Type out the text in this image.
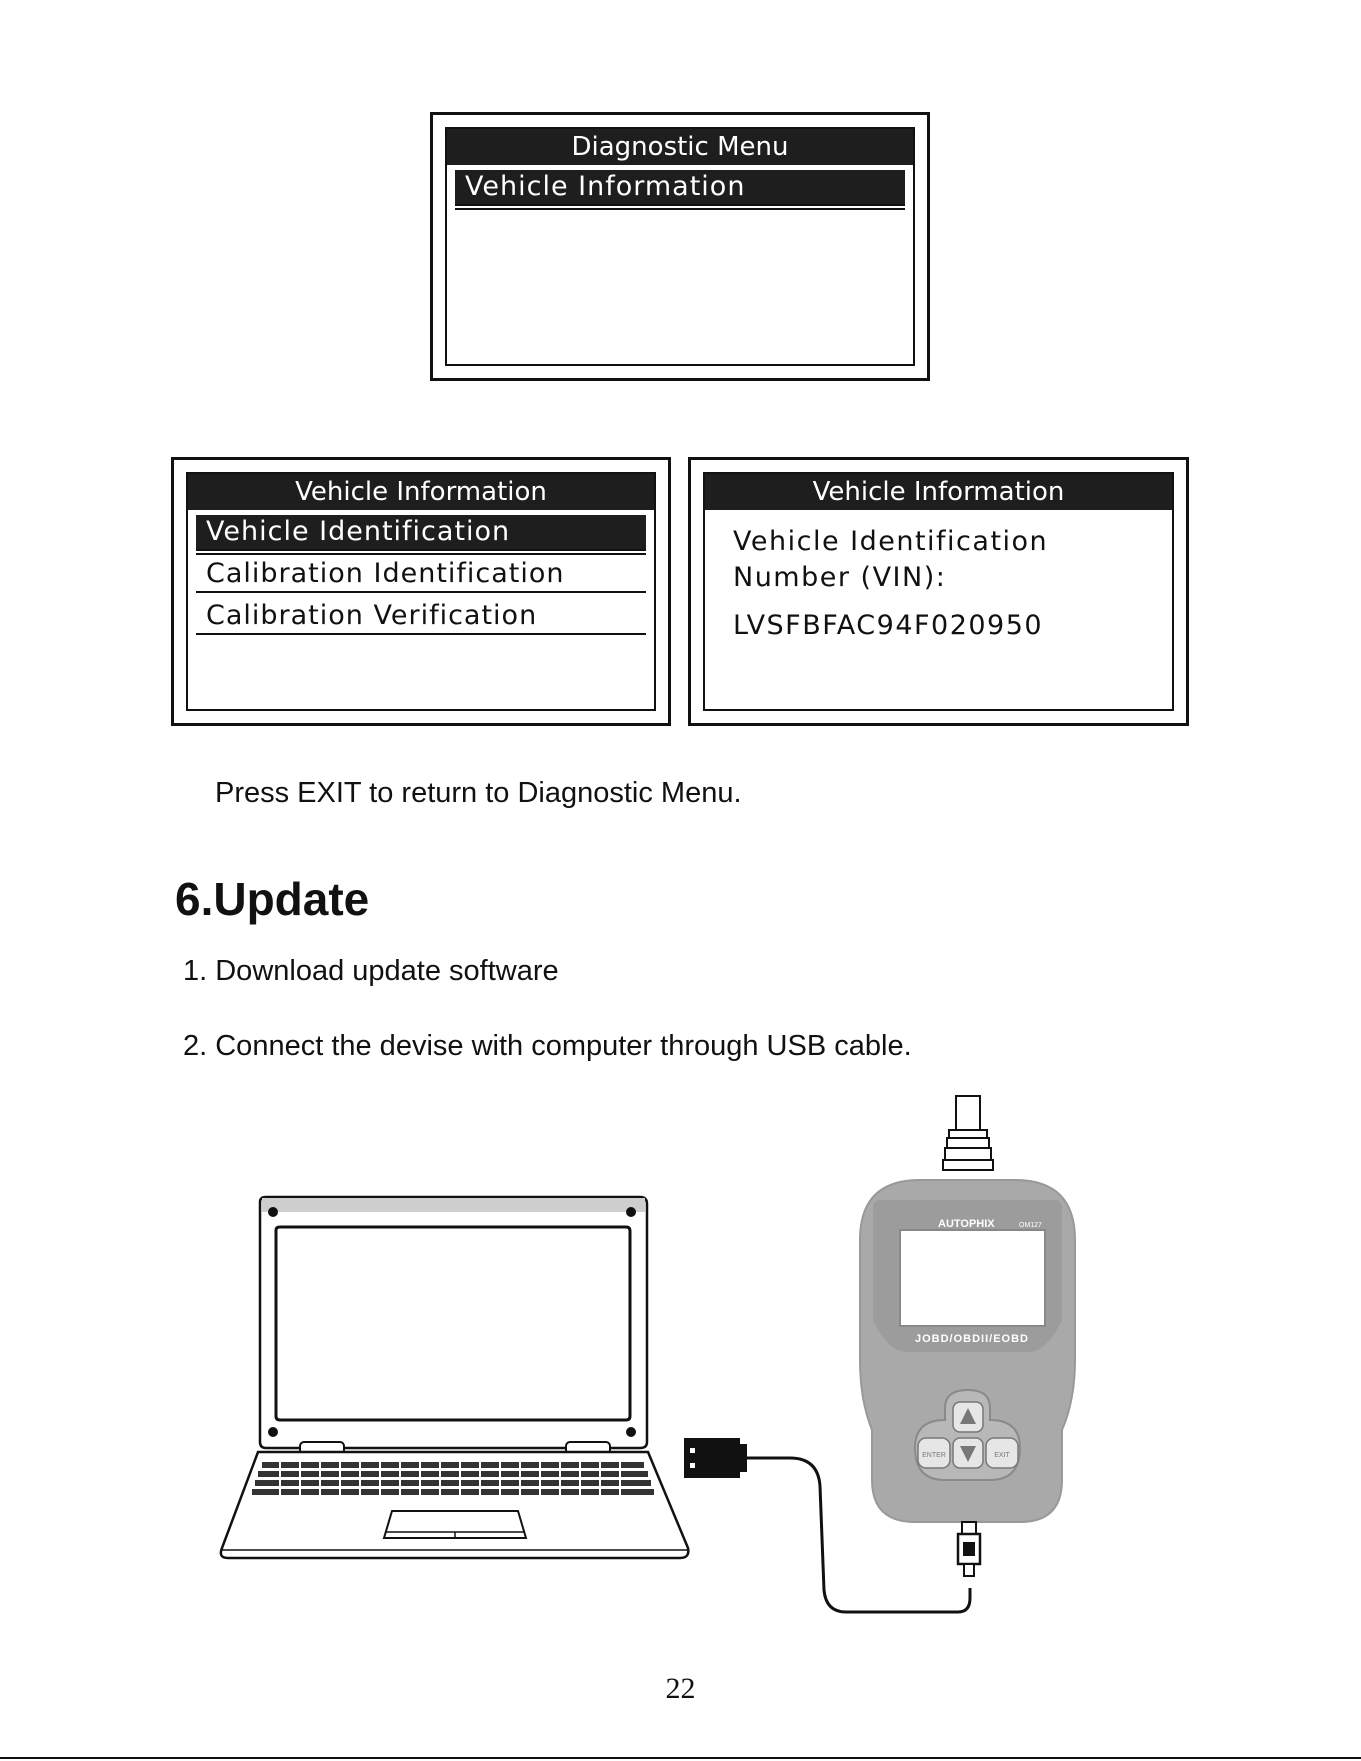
Diagnostic Menu
Vehicle Information
Vehicle Information
Vehicle Identification
Calibration Identification
Calibration Verification
Vehicle Information
Vehicle Identification
Number (VIN):
LVSFBFAC94F020950
Press EXIT to return to Diagnostic Menu.
6.Update
1. Download update software
2. Connect the devise with computer through USB cable.
AUTOPHIX	OM127
JOBD/OBDII/EOBD
ENTER	EXIT
22
